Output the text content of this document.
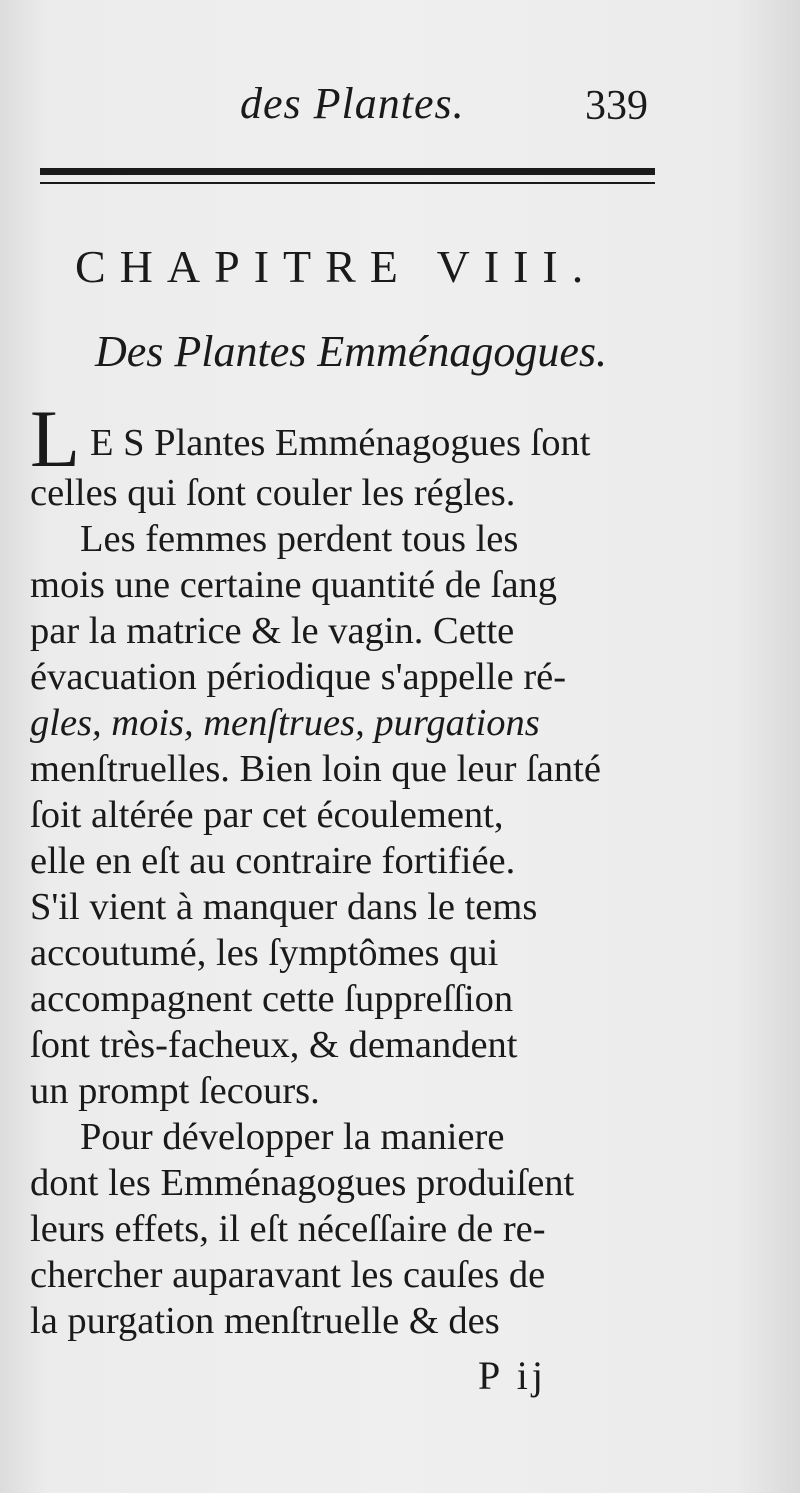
des Plantes.	339
CHAPITRE VIII.
Des Plantes Emménagogues.
L E S Plantes Emménagogues ſont
celles qui ſont couler les régles.
Les femmes perdent tous les
mois une certaine quantité de ſang
par la matrice & le vagin. Cette
évacuation périodique s'appelle ré-
gles, mois, menſtrues, purgations
menſtruelles. Bien loin que leur ſanté
ſoit altérée par cet écoulement,
elle en eſt au contraire fortifiée.
S'il vient à manquer dans le tems
accoutumé, les ſymptômes qui
accompagnent cette ſuppreſſion
ſont très-facheux, & demandent
un prompt ſecours.
Pour développer la maniere
dont les Emménagogues produiſent
leurs effets, il eſt néceſſaire de re-
chercher auparavant les cauſes de
la purgation menſtruelle & des
P ij
